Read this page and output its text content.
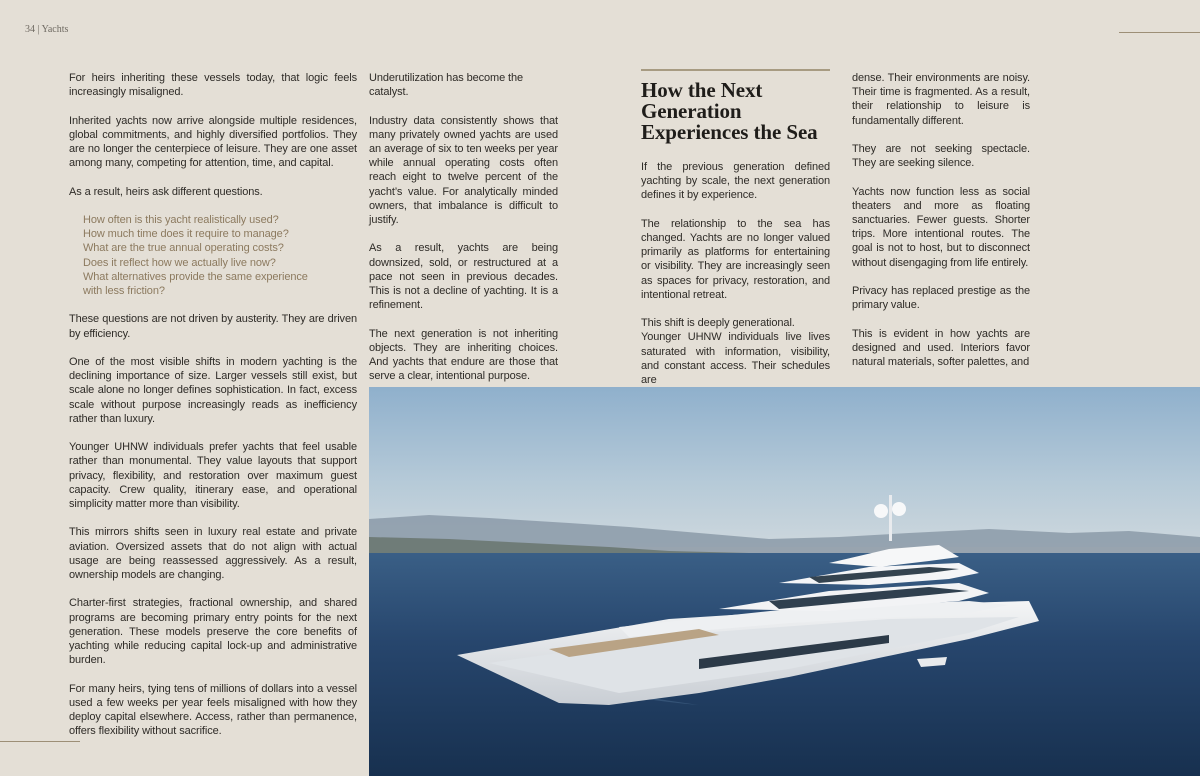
34 | Yachts

For heirs inheriting these vessels today, that logic feels increasingly misaligned.

Inherited yachts now arrive alongside multiple residences, global commitments, and highly diversified portfolios. They are no longer the centerpiece of leisure. They are one asset among many, competing for attention, time, and capital.

As a result, heirs ask different questions.

How often is this yacht realistically used?
How much time does it require to manage?
What are the true annual operating costs?
Does it reflect how we actually live now?
What alternatives provide the same experience
with less friction?

These questions are not driven by austerity. They are driven by efficiency.

One of the most visible shifts in modern yachting is the declining importance of size. Larger vessels still exist, but scale alone no longer defines sophistication. In fact, excess scale without purpose increasingly reads as inefficiency rather than luxury.

Younger UHNW individuals prefer yachts that feel usable rather than monumental. They value layouts that support privacy, flexibility, and restoration over maximum guest capacity. Crew quality, itinerary ease, and operational simplicity matter more than visibility.

This mirrors shifts seen in luxury real estate and private aviation. Oversized assets that do not align with actual usage are being reassessed aggressively. As a result, ownership models are changing.

Charter-first strategies, fractional ownership, and shared programs are becoming primary entry points for the next generation. These models preserve the core benefits of yachting while reducing capital lock-up and administrative burden.

For many heirs, tying tens of millions of dollars into a vessel used a few weeks per year feels misaligned with how they deploy capital elsewhere. Access, rather than permanence, offers flexibility without sacrifice.

Underutilization has become the catalyst.

Industry data consistently shows that many privately owned yachts are used an average of six to ten weeks per year while annual operating costs often reach eight to twelve percent of the yacht’s value. For analytically minded owners, that imbalance is difficult to justify.

As a result, yachts are being downsized, sold, or restructured at a pace not seen in previous decades. This is not a decline of yachting. It is a refinement.

The next generation is not inheriting objects. They are inheriting choices. And yachts that endure are those that serve a clear, intentional purpose.

How the Next Generation Experiences the Sea

If the previous generation defined yachting by scale, the next generation defines it by experience.

The relationship to the sea has changed. Yachts are no longer valued primarily as platforms for entertaining or visibility. They are increasingly seen as spaces for privacy, restoration, and intentional retreat.

This shift is deeply generational.

Younger UHNW individuals live lives saturated with information, visibility, and constant access. Their schedules are

dense. Their environments are noisy. Their time is fragmented. As a result, their relationship to leisure is fundamentally different.

They are not seeking spectacle. They are seeking silence.

Yachts now function less as social theaters and more as floating sanctuaries. Fewer guests. Shorter trips. More intentional routes. The goal is not to host, but to disconnect without disengaging from life entirely.

Privacy has replaced prestige as the primary value.

This is evident in how yachts are designed and used. Interiors favor natural materials, softer palettes, and
